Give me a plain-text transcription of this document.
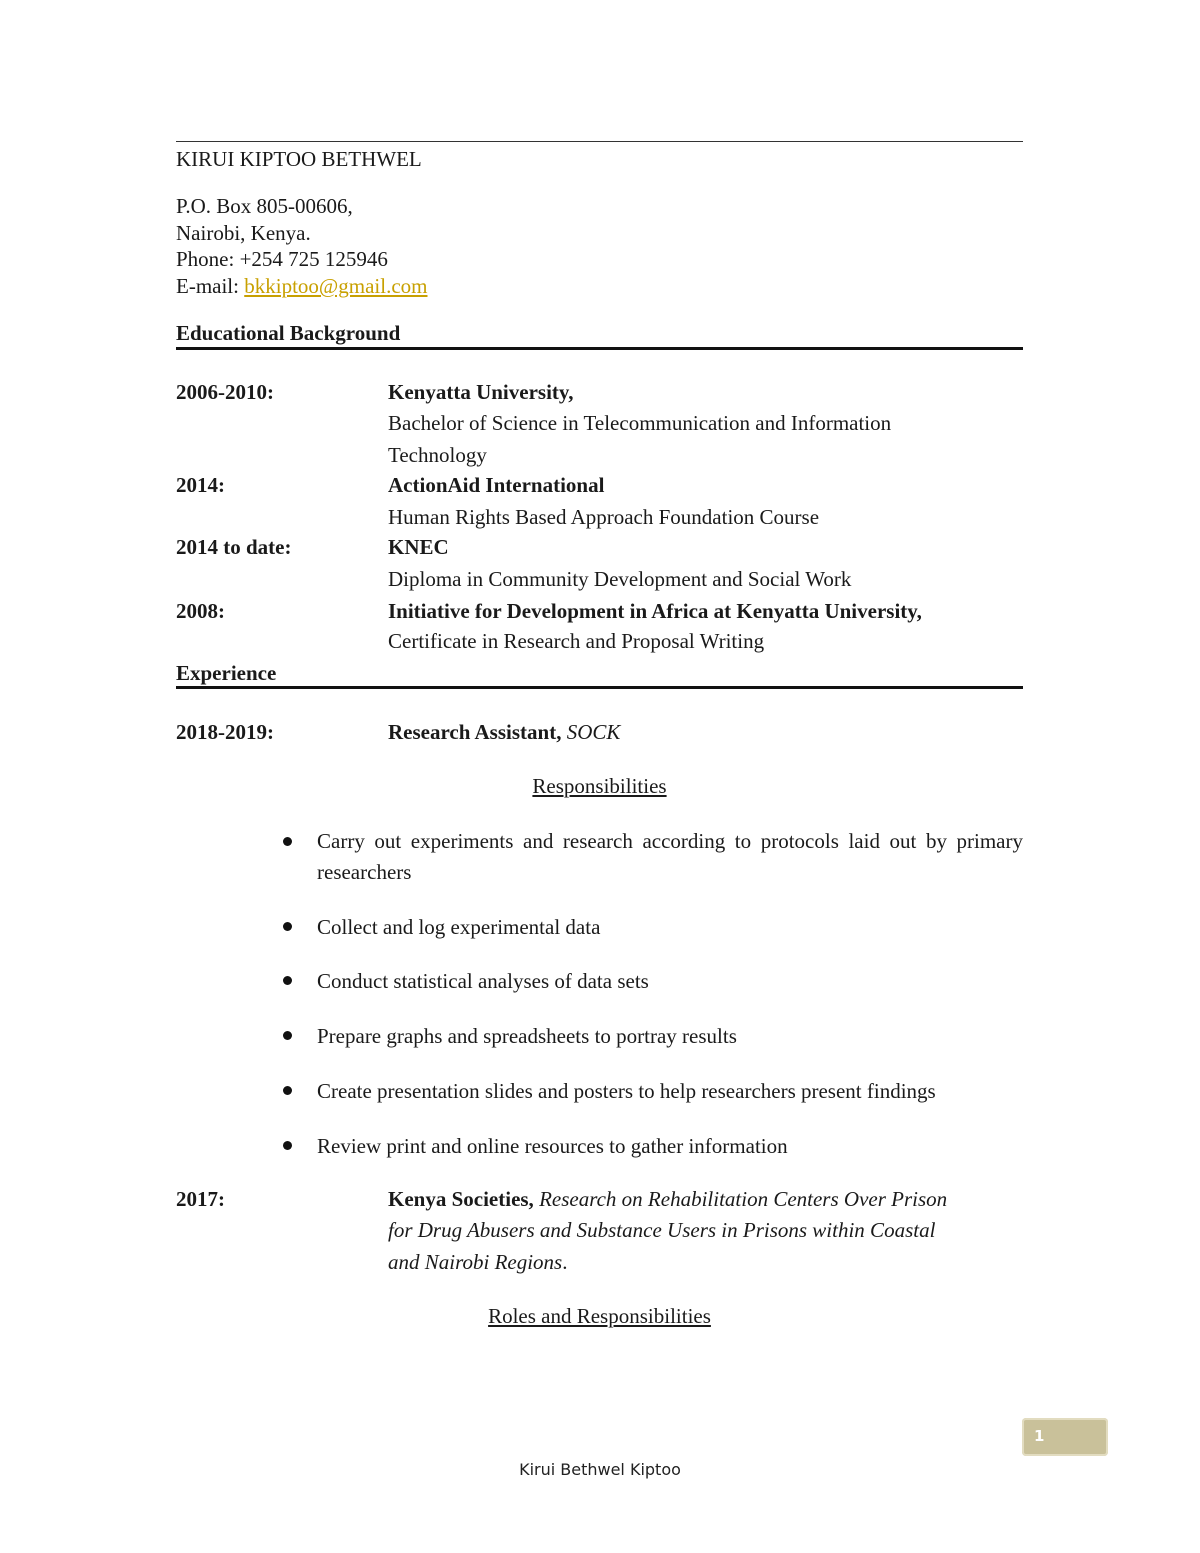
KIRUI KIPTOO BETHWEL
P.O. Box 805-00606,
Nairobi, Kenya.
Phone: +254 725 125946
E-mail: bkkiptoo@gmail.com
Educational Background
2006-2010:	Kenyatta University,
Bachelor of Science in Telecommunication and Information
Technology
2014:	ActionAid International
Human Rights Based Approach Foundation Course
2014 to date:	KNEC
Diploma in Community Development and Social Work
2008:	Initiative for Development in Africa at Kenyatta University,
Certificate in Research and Proposal Writing
Experience
2018-2019:	Research Assistant, SOCK
Responsibilities
Carry out experiments and research according to protocols laid out by primary researchers
Collect and log experimental data
Conduct statistical analyses of data sets
Prepare graphs and spreadsheets to portray results
Create presentation slides and posters to help researchers present findings
Review print and online resources to gather information
2017:	Kenya Societies, Research on Rehabilitation Centers Over Prison
for Drug Abusers and Substance Users in Prisons within Coastal
and Nairobi Regions.
Roles and Responsibilities
1
Kirui Bethwel Kiptoo
